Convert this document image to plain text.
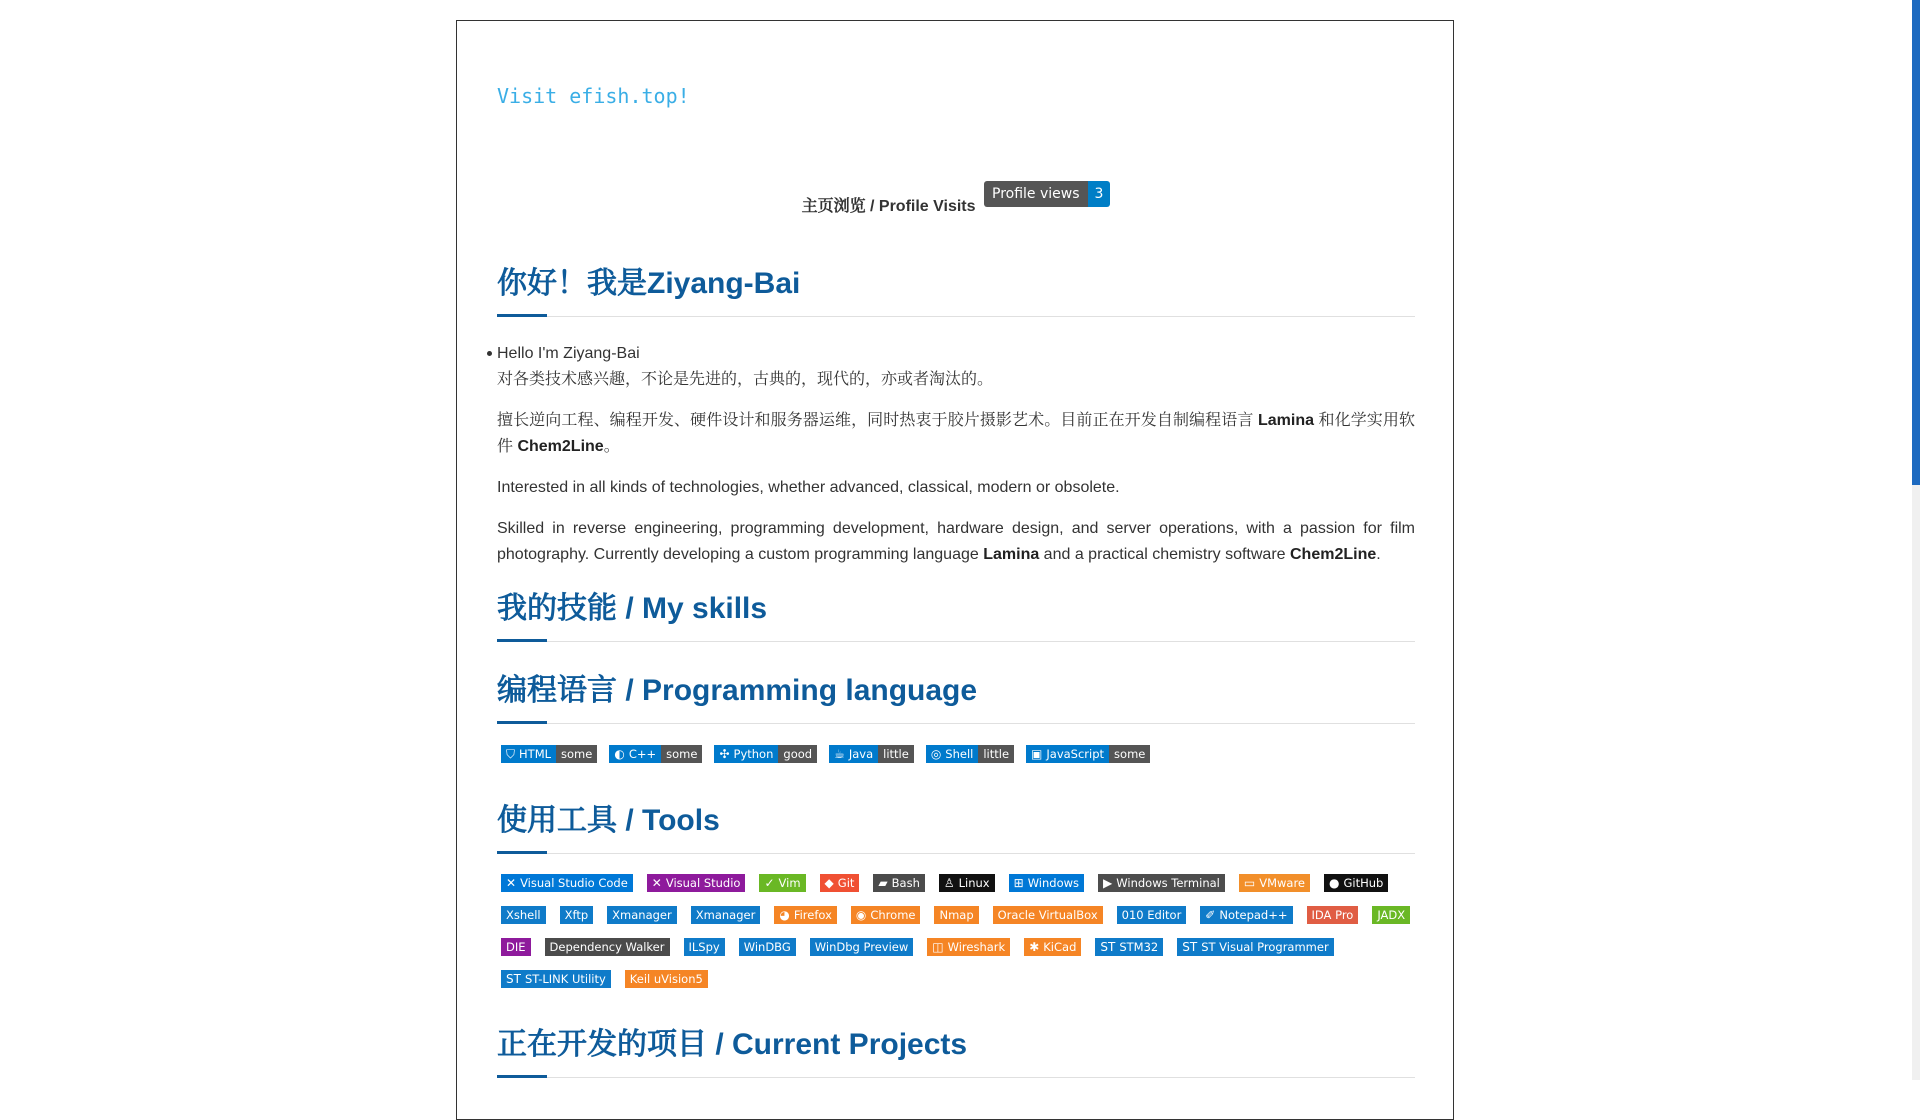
Visit efish.top!
主页浏览 / Profile Visits
Profile views	3
你好！我是Ziyang-Bai
Hello I'm Ziyang-Bai
对各类技术感兴趣，不论是先进的，古典的，现代的，亦或者淘汰的。

擅长逆向工程、编程开发、硬件设计和服务器运维，同时热衷于胶片摄影艺术。目前正在开发自制编程语言 Lamina 和化学实用软件 Chem2Line。

Interested in all kinds of technologies, whether advanced, classical, modern or obsolete.

Skilled in reverse engineering, programming development, hardware design, and server operations, with a passion for film photography. Currently developing a custom programming language Lamina and a practical chemistry software Chem2Line.

我的技能 / My skills
编程语言 / Programming language
⛉ HTML some	◐ C++ some	✣ Python good	☕ Java little	◎ Shell little	▣ JavaScript some
使用工具 / Tools
✕ Visual Studio Code ✕ Visual Studio ✓ Vim ◆ Git ▰ Bash ♙ Linux ⊞ Windows ▶ Windows Terminal ▭ VMware ● GitHub
Xshell Xftp Xmanager Xmanager ◕ Firefox ◉ Chrome Nmap Oracle VirtualBox 010 Editor ✐ Notepad++ IDA Pro JADX
DIE Dependency Walker ILSpy WinDBG WinDbg Preview ◫ Wireshark ✱ KiCad ST STM32 ST ST Visual Programmer
ST ST-LINK Utility Keil uVision5
正在开发的项目 / Current Projects
